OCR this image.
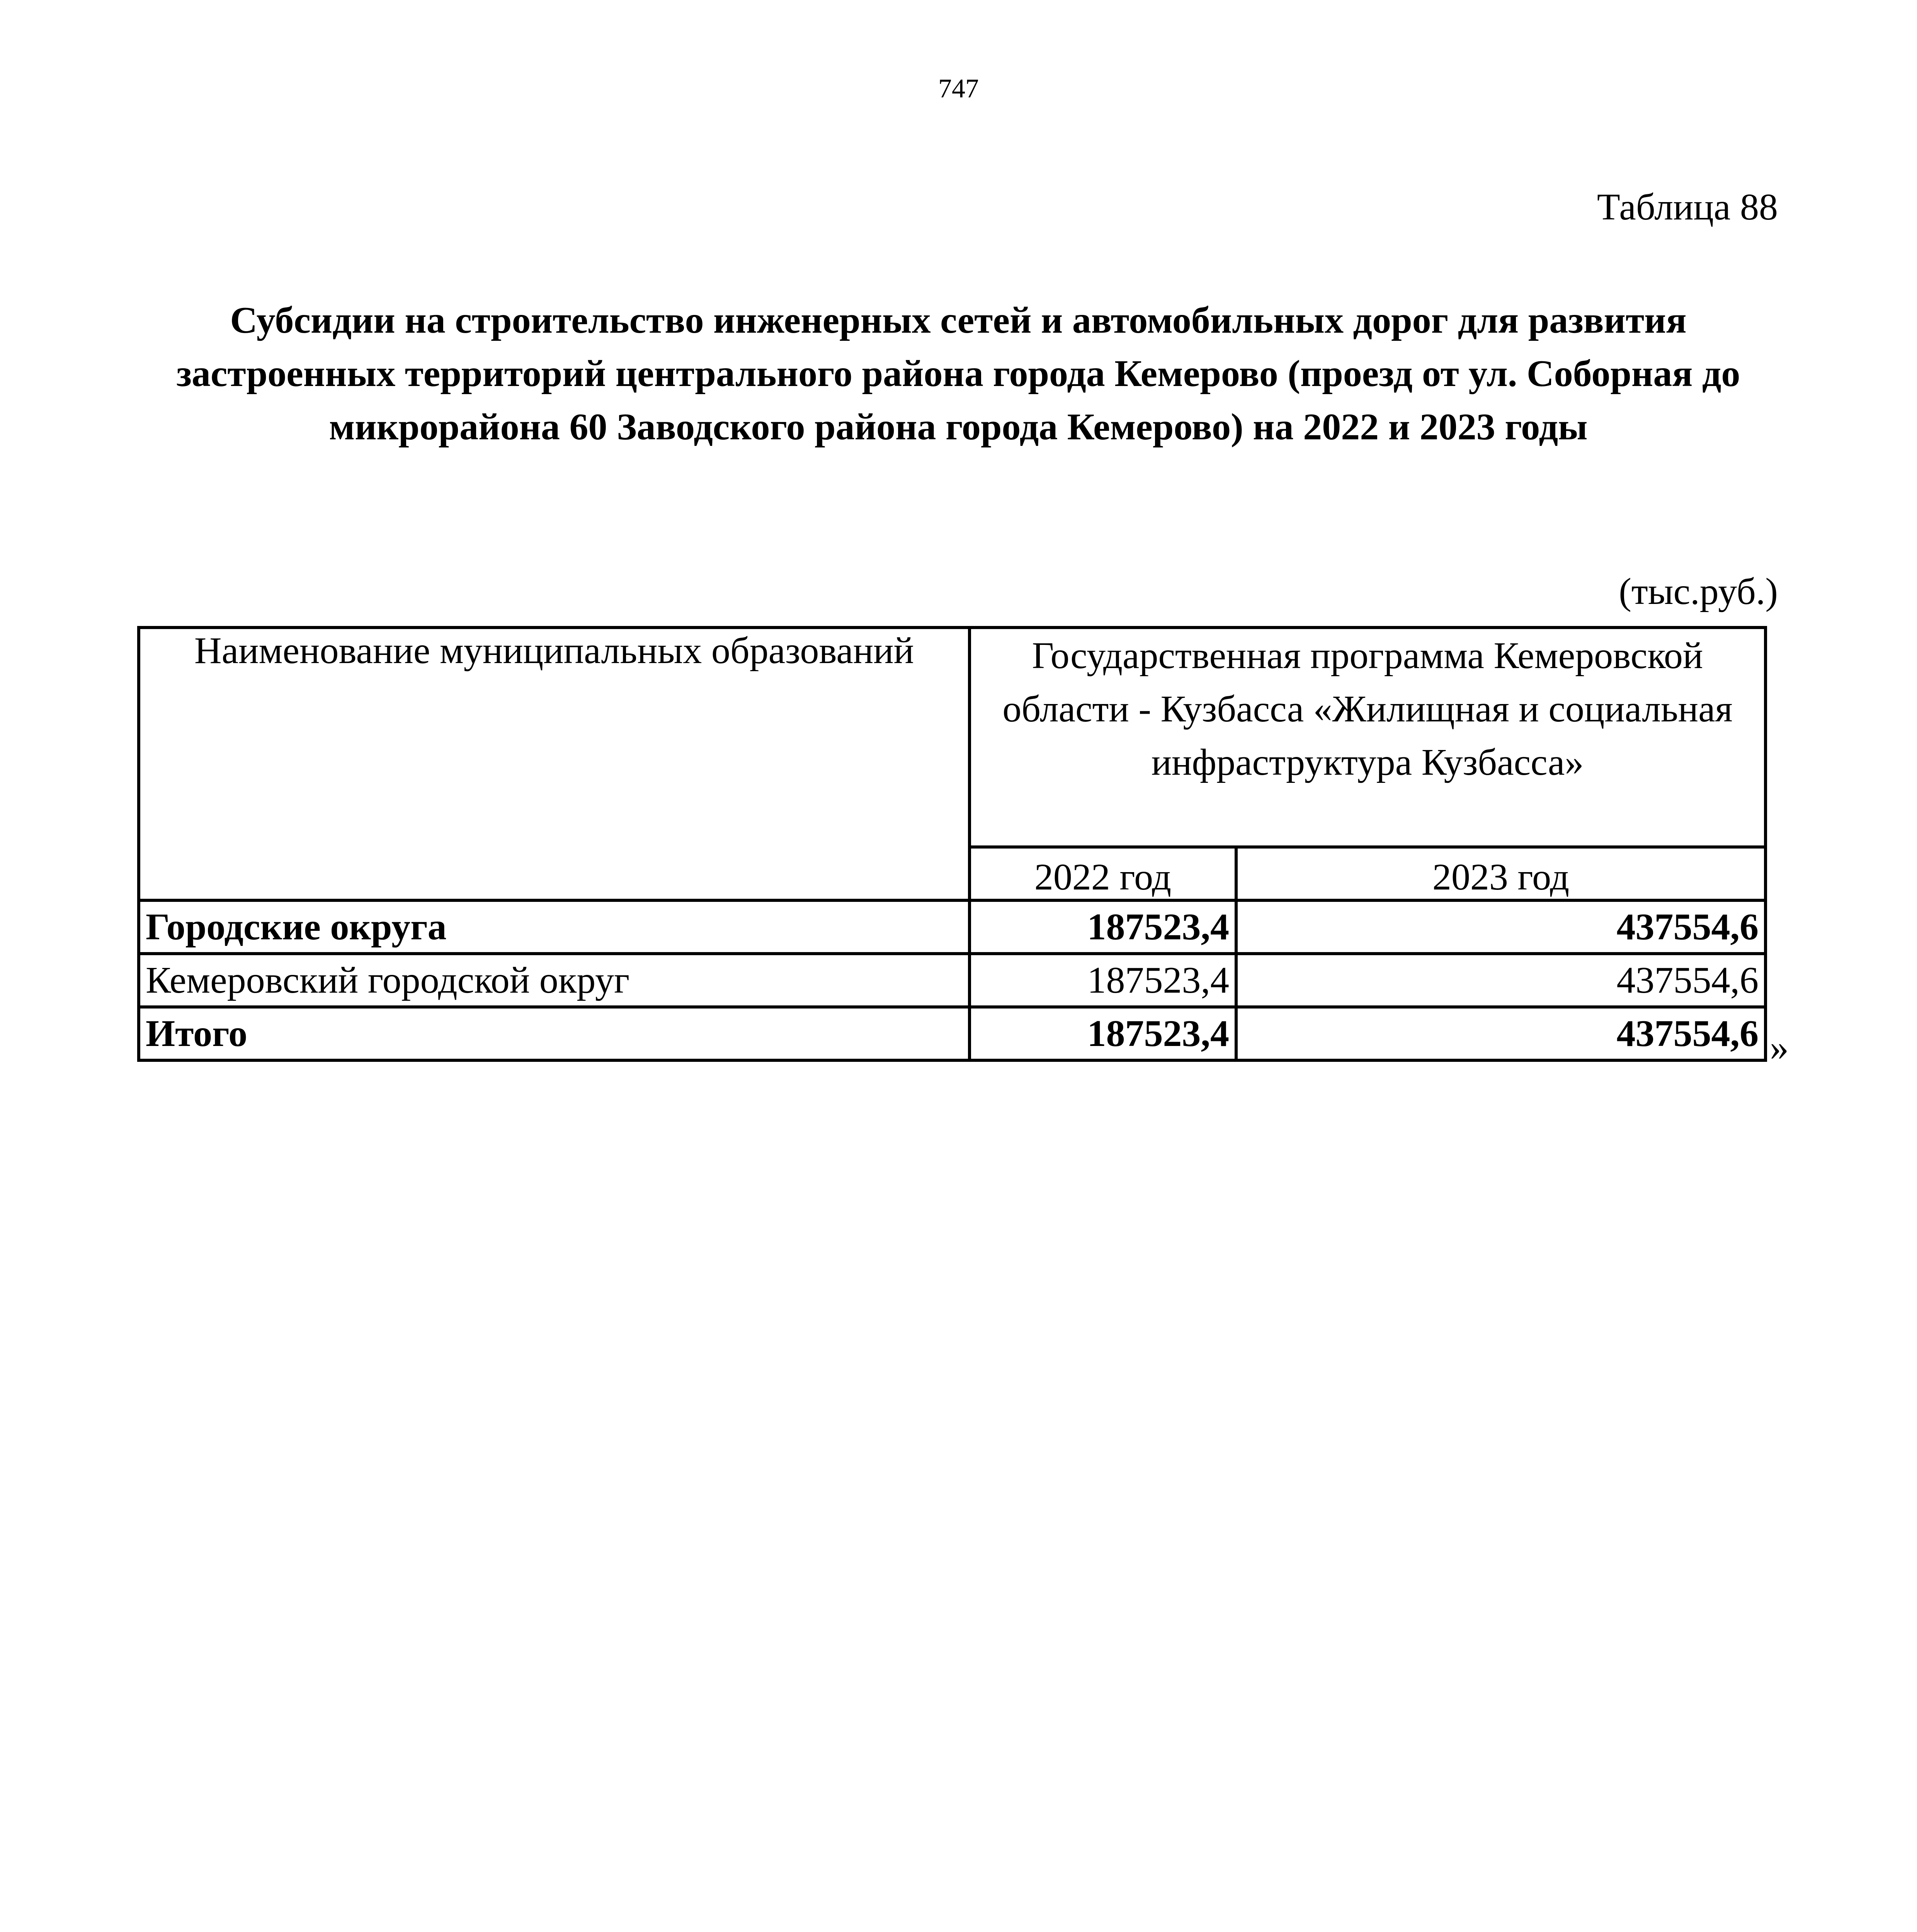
747
Таблица 88
Субсидии на строительство инженерных сетей и автомобильных дорог для развития застроенных территорий центрального района города Кемерово (проезд от ул. Соборная до микрорайона 60 Заводского района города Кемерово) на 2022 и 2023 годы
(тыс.руб.)
Наименование муниципальных образований	Государственная программа Кемеровской области - Кузбасса «Жилищная и социальная инфраструктура Кузбасса»	
	2022 год	2023 год
Городские округа	187523,4	437554,6
Кемеровский городской округ	187523,4	437554,6
Итого	187523,4	437554,6 »
